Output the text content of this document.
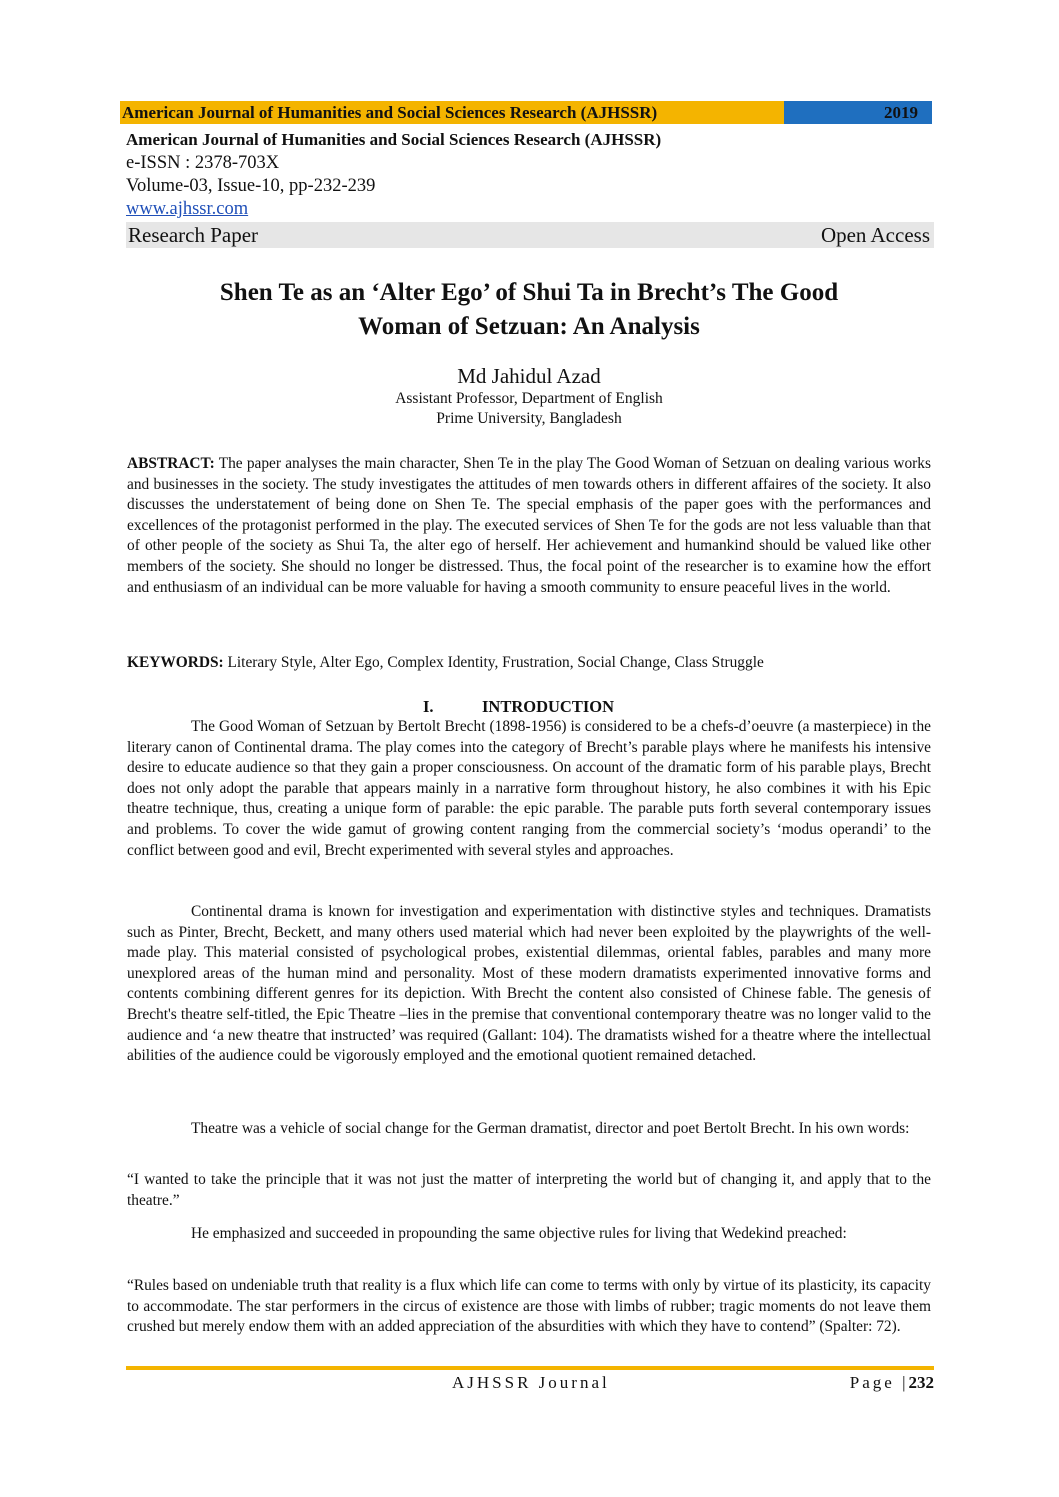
American Journal of Humanities and Social Sciences Research (AJHSSR)	2019
American Journal of Humanities and Social Sciences Research (AJHSSR)
e-ISSN : 2378-703X
Volume-03, Issue-10, pp-232-239
www.ajhssr.com
Research Paper	Open Access
Shen Te as an ‘Alter Ego’ of Shui Ta in Brecht’s The Good
Woman of Setzuan: An Analysis
Md Jahidul Azad
Assistant Professor, Department of English
Prime University, Bangladesh
ABSTRACT: The paper analyses the main character, Shen Te in the play The Good Woman of Setzuan on dealing various works and businesses in the society. The study investigates the attitudes of men towards others in different affaires of the society. It also discusses the understatement of being done on Shen Te. The special emphasis of the paper goes with the performances and excellences of the protagonist performed in the play. The executed services of Shen Te for the gods are not less valuable than that of other people of the society as Shui Ta, the alter ego of herself. Her achievement and humankind should be valued like other members of the society. She should no longer be distressed. Thus, the focal point of the researcher is to examine how the effort and enthusiasm of an individual can be more valuable for having a smooth community to ensure peaceful lives in the world.
KEYWORDS: Literary Style, Alter Ego, Complex Identity, Frustration, Social Change, Class Struggle
I.	INTRODUCTION
The Good Woman of Setzuan by Bertolt Brecht (1898-1956) is considered to be a chefs-d’oeuvre (a masterpiece) in the literary canon of Continental drama. The play comes into the category of Brecht’s parable plays where he manifests his intensive desire to educate audience so that they gain a proper consciousness. On account of the dramatic form of his parable plays, Brecht does not only adopt the parable that appears mainly in a narrative form throughout history, he also combines it with his Epic theatre technique, thus, creating a unique form of parable: the epic parable. The parable puts forth several contemporary issues and problems. To cover the wide gamut of growing content ranging from the commercial society’s ‘modus operandi’ to the conflict between good and evil, Brecht experimented with several styles and approaches.
Continental drama is known for investigation and experimentation with distinctive styles and techniques. Dramatists such as Pinter, Brecht, Beckett, and many others used material which had never been exploited by the playwrights of the well-made play. This material consisted of psychological probes, existential dilemmas, oriental fables, parables and many more unexplored areas of the human mind and personality. Most of these modern dramatists experimented innovative forms and contents combining different genres for its depiction. With Brecht the content also consisted of Chinese fable. The genesis of Brecht's theatre self-titled, the Epic Theatre –lies in the premise that conventional contemporary theatre was no longer valid to the audience and ‘a new theatre that instructed’ was required (Gallant: 104). The dramatists wished for a theatre where the intellectual abilities of the audience could be vigorously employed and the emotional quotient remained detached.
Theatre was a vehicle of social change for the German dramatist, director and poet Bertolt Brecht. In his own words:
“I wanted to take the principle that it was not just the matter of interpreting the world but of changing it, and apply that to the theatre.”
He emphasized and succeeded in propounding the same objective rules for living that Wedekind preached:
“Rules based on undeniable truth that reality is a flux which life can come to terms with only by virtue of its plasticity, its capacity to accommodate. The star performers in the circus of existence are those with limbs of rubber; tragic moments do not leave them crushed but merely endow them with an added appreciation of the absurdities with which they have to contend” (Spalter: 72).
AJHSSR Journal	Page |232
